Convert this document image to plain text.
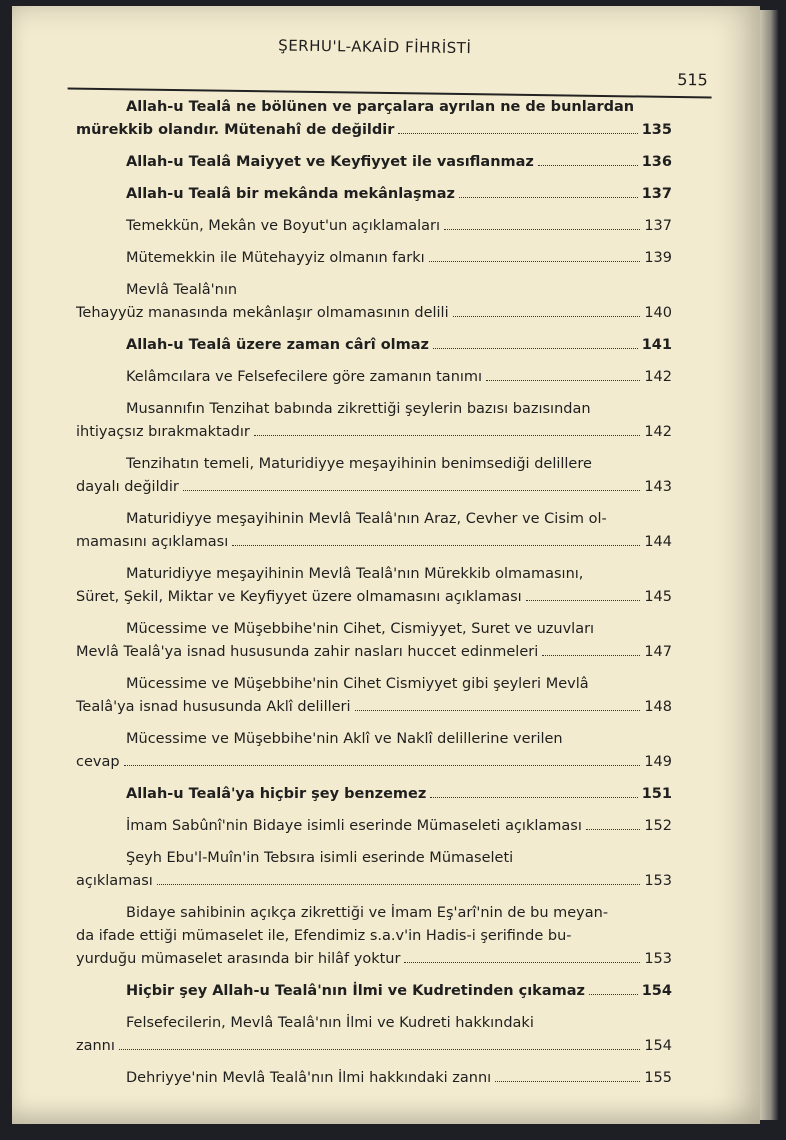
ŞERHU'L-AKAİD FİHRİSTİ
515
Allah-u Tealâ ne bölünen ve parçalara ayrılan ne de bunlardan
mürekkib olandır. Mütenahî de değildir	135
Allah-u Tealâ Maiyyet ve Keyfiyyet ile vasıflanmaz	136
Allah-u Tealâ bir mekânda mekânlaşmaz	137
Temekkün, Mekân ve Boyut'un açıklamaları	137
Mütemekkin ile Mütehayyiz olmanın farkı	139
Mevlâ Tealâ'nın
Tehayyüz manasında mekânlaşır olmamasının delili	140
Allah-u Tealâ üzere zaman cârî olmaz	141
Kelâmcılara ve Felsefecilere göre zamanın tanımı	142
Musannıfın Tenzihat babında zikrettiği şeylerin bazısı bazısından
ihtiyaçsız bırakmaktadır	142
Tenzihatın temeli, Maturidiyye meşayihinin benimsediği delillere
dayalı değildir	143
Maturidiyye meşayihinin Mevlâ Tealâ'nın Araz, Cevher ve Cisim ol-
mamasını açıklaması	144
Maturidiyye meşayihinin Mevlâ Tealâ'nın Mürekkib olmamasını,
Süret, Şekil, Miktar ve Keyfiyyet üzere olmamasını açıklaması	145
Mücessime ve Müşebbihe'nin Cihet, Cismiyyet, Suret ve uzuvları
Mevlâ Tealâ'ya isnad hususunda zahir nasları huccet edinmeleri	147
Mücessime ve Müşebbihe'nin Cihet Cismiyyet gibi şeyleri Mevlâ
Tealâ'ya isnad hususunda Aklî delilleri	148
Mücessime ve Müşebbihe'nin Aklî ve Naklî delillerine verilen
cevap	149
Allah-u Tealâ'ya hiçbir şey benzemez	151
İmam Sabûnî'nin Bidaye isimli eserinde Mümaseleti açıklaması	152
Şeyh Ebu'l-Muîn'in Tebsıra isimli eserinde Mümaseleti
açıklaması	153
Bidaye sahibinin açıkça zikrettiği ve İmam Eş'arî'nin de bu meyan-
da ifade ettiği mümaselet ile, Efendimiz s.a.v'in Hadis-i şerifinde bu-
yurduğu mümaselet arasında bir hilâf yoktur	153
Hiçbir şey Allah-u Tealâ'nın İlmi ve Kudretinden çıkamaz	154
Felsefecilerin, Mevlâ Tealâ'nın İlmi ve Kudreti hakkındaki
zannı	154
Dehriyye'nin Mevlâ Tealâ'nın İlmi hakkındaki zannı	155
